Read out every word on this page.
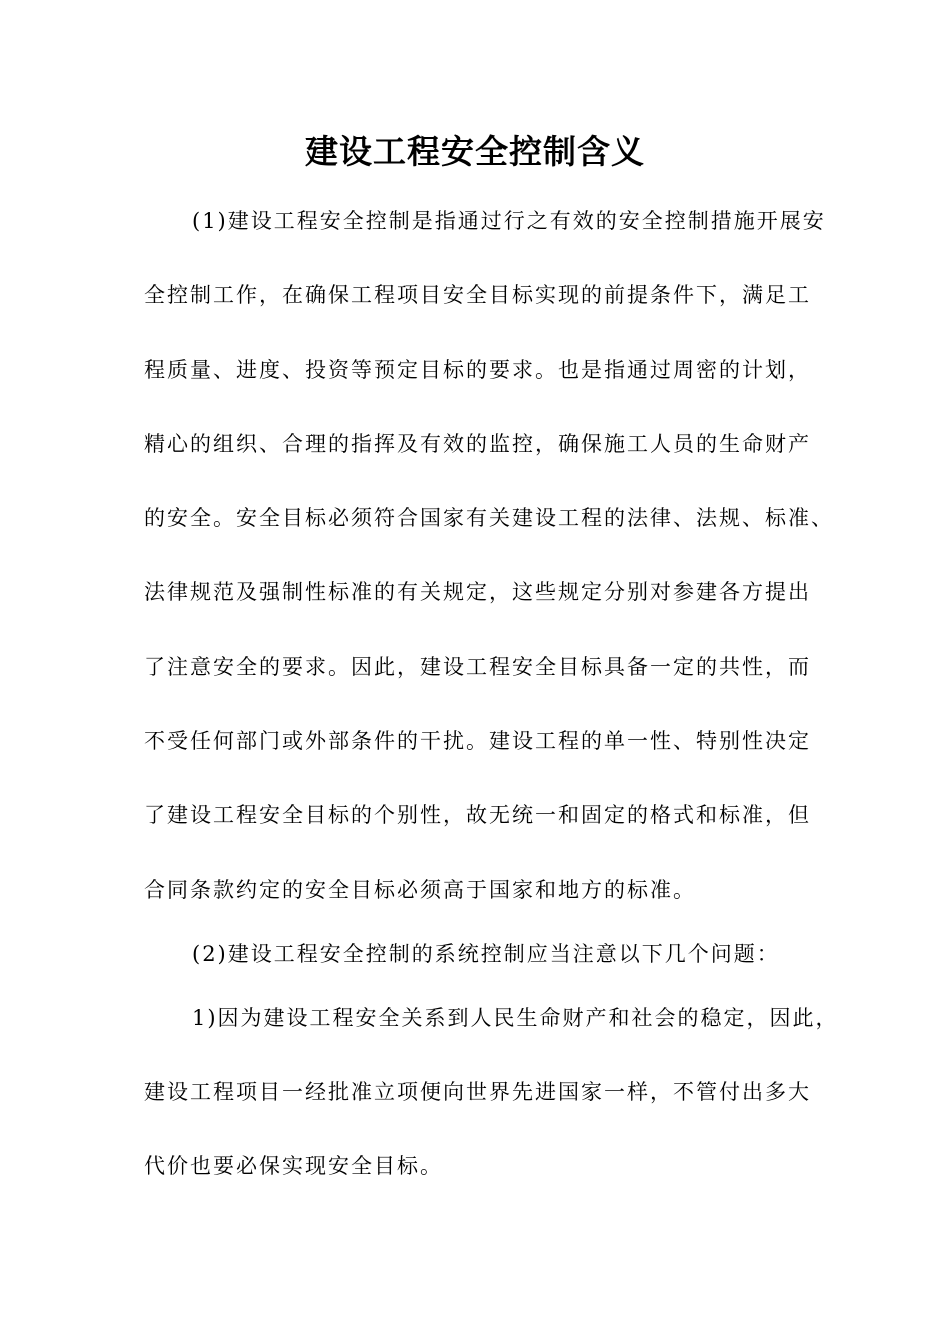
建设工程安全控制含义
(1)建设工程安全控制是指通过行之有效的安全控制措施开展安
全控制工作，在确保工程项目安全目标实现的前提条件下，满足工
程质量、进度、投资等预定目标的要求。也是指通过周密的计划，
精心的组织、合理的指挥及有效的监控，确保施工人员的生命财产
的安全。安全目标必须符合国家有关建设工程的法律、法规、标准、
法律规范及强制性标准的有关规定，这些规定分别对参建各方提出
了注意安全的要求。因此，建设工程安全目标具备一定的共性，而
不受任何部门或外部条件的干扰。建设工程的单一性、特别性决定
了建设工程安全目标的个别性，故无统一和固定的格式和标准，但
合同条款约定的安全目标必须高于国家和地方的标准。
(2)建设工程安全控制的系统控制应当注意以下几个问题：
1)因为建设工程安全关系到人民生命财产和社会的稳定，因此，
建设工程项目一经批准立项便向世界先进国家一样，不管付出多大
代价也要必保实现安全目标。
